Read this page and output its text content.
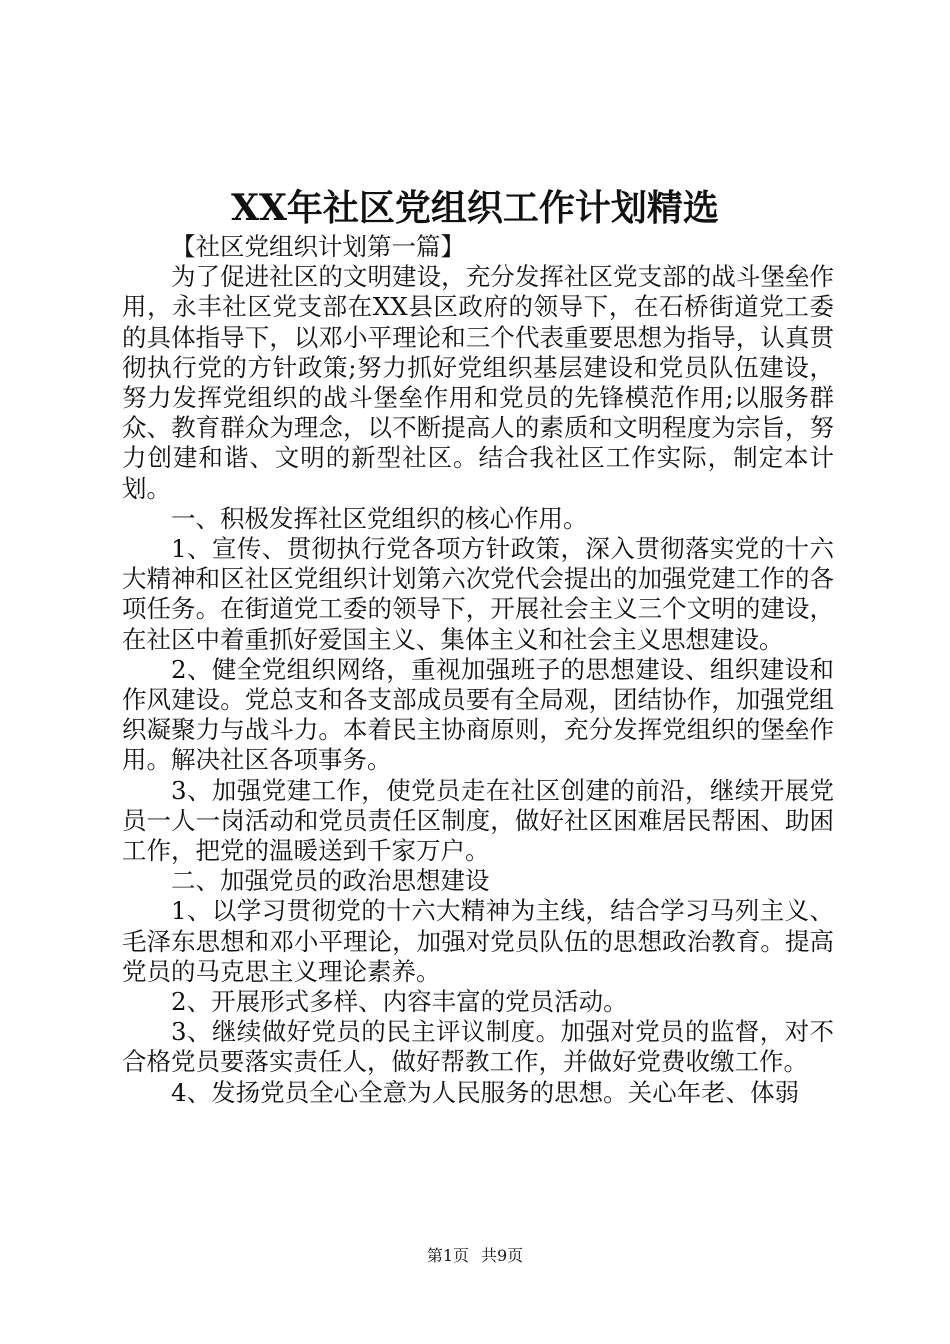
XX年社区党组织工作计划精选

【社区党组织计划第一篇】

为了促进社区的文明建设，充分发挥社区党支部的战斗堡垒作用，永丰社区党支部在XX县区政府的领导下，在石桥街道党工委的具体指导下，以邓小平理论和三个代表重要思想为指导，认真贯彻执行党的方针政策;努力抓好党组织基层建设和党员队伍建设，努力发挥党组织的战斗堡垒作用和党员的先锋模范作用;以服务群众、教育群众为理念，以不断提高人的素质和文明程度为宗旨，努力创建和谐、文明的新型社区。结合我社区工作实际，制定本计划。

一、积极发挥社区党组织的核心作用。

1、宣传、贯彻执行党各项方针政策，深入贯彻落实党的十六大精神和区社区党组织计划第六次党代会提出的加强党建工作的各项任务。在街道党工委的领导下，开展社会主义三个文明的建设，在社区中着重抓好爱国主义、集体主义和社会主义思想建设。

2、健全党组织网络，重视加强班子的思想建设、组织建设和作风建设。党总支和各支部成员要有全局观，团结协作，加强党组织凝聚力与战斗力。本着民主协商原则，充分发挥党组织的堡垒作用。解决社区各项事务。

3、加强党建工作，使党员走在社区创建的前沿，继续开展党员一人一岗活动和党员责任区制度，做好社区困难居民帮困、助困工作，把党的温暖送到千家万户。

二、加强党员的政治思想建设

1、以学习贯彻党的十六大精神为主线，结合学习马列主义、毛泽东思想和邓小平理论，加强对党员队伍的思想政治教育。提高党员的马克思主义理论素养。

2、开展形式多样、内容丰富的党员活动。

3、继续做好党员的民主评议制度。加强对党员的监督，对不合格党员要落实责任人，做好帮教工作，并做好党费收缴工作。

4、发扬党员全心全意为人民服务的思想。关心年老、体弱

第1页 共9页
